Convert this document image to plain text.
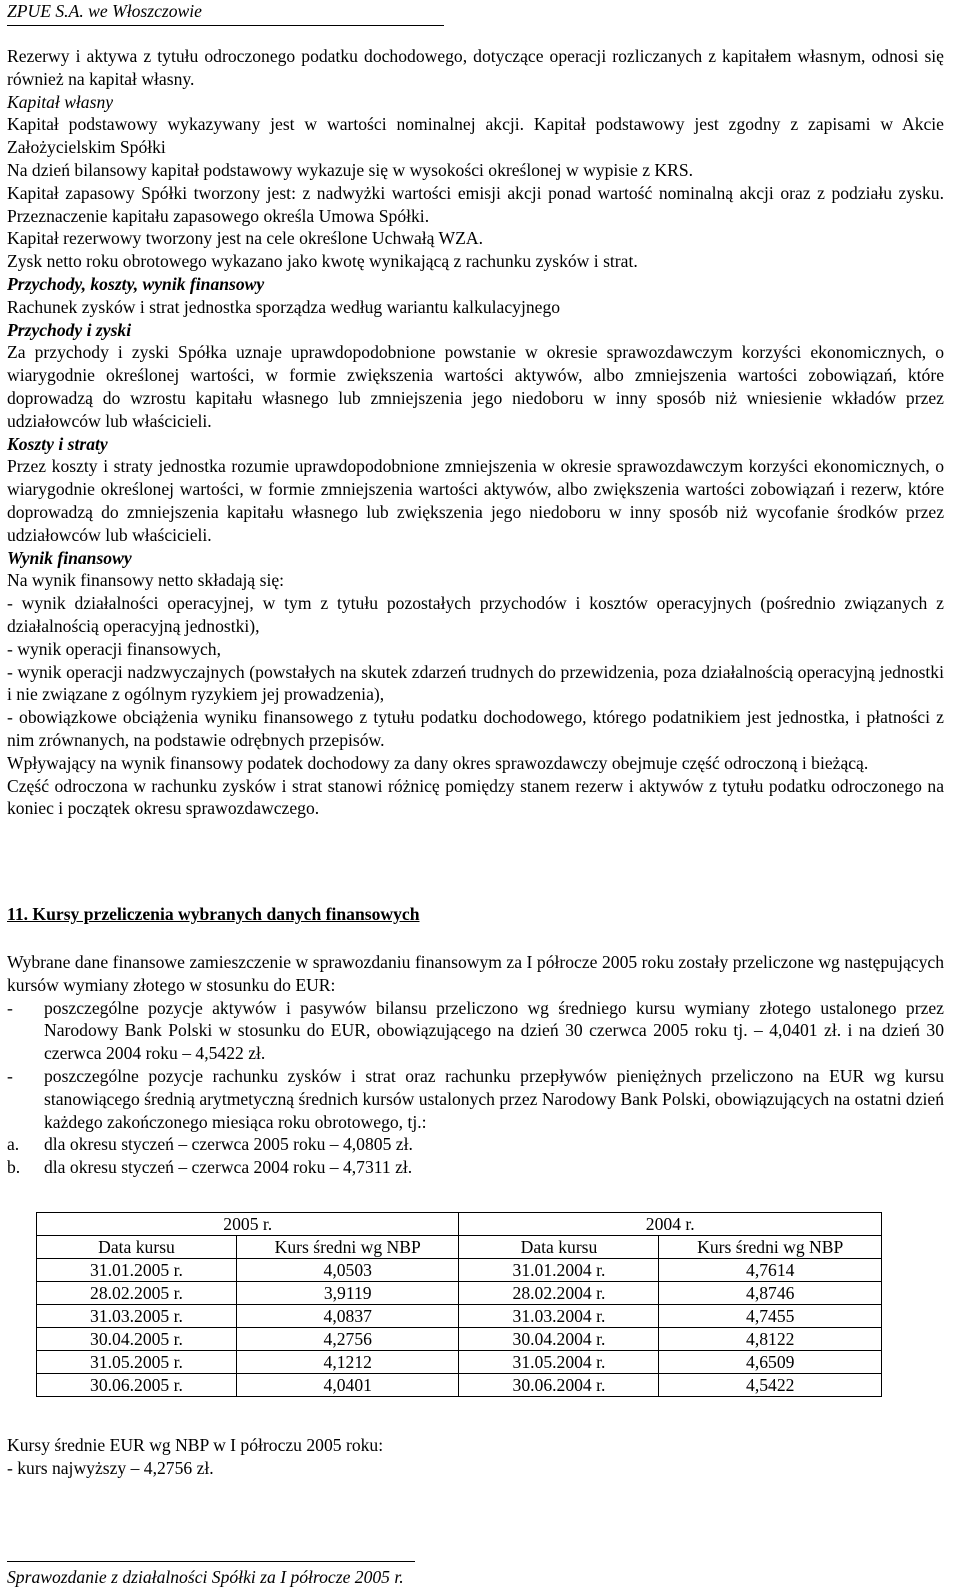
ZPUE S.A. we Włoszczowie

Rezerwy i aktywa z tytułu odroczonego podatku dochodowego, dotyczące operacji rozliczanych z kapitałem własnym, odnosi się również na kapitał własny.

Kapitał własny

Kapitał podstawowy wykazywany jest w wartości nominalnej akcji. Kapitał podstawowy jest zgodny z zapisami w Akcie Założycielskim Spółki

Na dzień bilansowy kapitał podstawowy wykazuje się w wysokości określonej w wypisie z KRS.

Kapitał zapasowy Spółki tworzony jest: z nadwyżki wartości emisji akcji ponad wartość nominalną akcji oraz z podziału zysku. Przeznaczenie kapitału zapasowego określa Umowa Spółki.

Kapitał rezerwowy tworzony jest na cele określone Uchwałą WZA.

Zysk netto roku obrotowego wykazano jako kwotę wynikającą z rachunku zysków i strat.

Przychody, koszty, wynik finansowy

Rachunek zysków i strat jednostka sporządza według wariantu kalkulacyjnego

Przychody i zyski

Za przychody i zyski Spółka uznaje uprawdopodobnione powstanie w okresie sprawozdawczym korzyści ekonomicznych, o wiarygodnie określonej wartości, w formie zwiększenia wartości aktywów, albo zmniejszenia wartości zobowiązań, które doprowadzą do wzrostu kapitału własnego lub zmniejszenia jego niedoboru w inny sposób niż wniesienie wkładów przez udziałowców lub właścicieli.

Koszty i straty

Przez koszty i straty jednostka rozumie uprawdopodobnione zmniejszenia w okresie sprawozdawczym korzyści ekonomicznych, o wiarygodnie określonej wartości, w formie zmniejszenia wartości aktywów, albo zwiększenia wartości zobowiązań i rezerw, które doprowadzą do zmniejszenia kapitału własnego lub zwiększenia jego niedoboru w inny sposób niż wycofanie środków przez udziałowców lub właścicieli.

Wynik finansowy

Na wynik finansowy netto składają się:

- wynik działalności operacyjnej, w tym z tytułu pozostałych przychodów i kosztów operacyjnych (pośrednio związanych z działalnością operacyjną jednostki),

- wynik operacji finansowych,

- wynik operacji nadzwyczajnych (powstałych na skutek zdarzeń trudnych do przewidzenia, poza działalnością operacyjną jednostki i nie związane z ogólnym ryzykiem jej prowadzenia),

- obowiązkowe obciążenia wyniku finansowego z tytułu podatku dochodowego, którego podatnikiem jest jednostka, i płatności z nim zrównanych, na podstawie odrębnych przepisów.

Wpływający na wynik finansowy podatek dochodowy za dany okres sprawozdawczy obejmuje część odroczoną i bieżącą.

Część odroczona w rachunku zysków i strat stanowi różnicę pomiędzy stanem rezerw i aktywów z tytułu podatku odroczonego na koniec i początek okresu sprawozdawczego.

11. Kursy przeliczenia wybranych danych finansowych

Wybrane dane finansowe zamieszczenie w sprawozdaniu finansowym za I półrocze 2005 roku zostały przeliczone wg następujących kursów wymiany złotego w stosunku do EUR:

- poszczególne pozycje aktywów i pasywów bilansu przeliczono wg średniego kursu wymiany złotego ustalonego przez Narodowy Bank Polski w stosunku do EUR, obowiązującego na dzień 30 czerwca 2005 roku tj. – 4,0401 zł. i na dzień 30 czerwca 2004 roku – 4,5422 zł.

- poszczególne pozycje rachunku zysków i strat oraz rachunku przepływów pieniężnych przeliczono na EUR wg kursu stanowiącego średnią arytmetyczną średnich kursów ustalonych przez Narodowy Bank Polski, obowiązujących na ostatni dzień każdego zakończonego miesiąca roku obrotowego, tj.:

a. dla okresu styczeń – czerwca 2005 roku – 4,0805 zł.

b. dla okresu styczeń – czerwca 2004 roku – 4,7311 zł.

2005 r.		2004 r.	
Data kursu	Kurs średni wg NBP	Data kursu	Kurs średni wg NBP
31.01.2005 r.	4,0503	31.01.2004 r.	4,7614
28.02.2005 r.	3,9119	28.02.2004 r.	4,8746
31.03.2005 r.	4,0837	31.03.2004 r.	4,7455
30.04.2005 r.	4,2756	30.04.2004 r.	4,8122
31.05.2005 r.	4,1212	31.05.2004 r.	4,6509
30.06.2005 r.	4,0401	30.06.2004 r.	4,5422

Kursy średnie EUR wg NBP w I półroczu 2005 roku:

- kurs najwyższy – 4,2756 zł.

Sprawozdanie z działalności Spółki za I półrocze 2005 r.
